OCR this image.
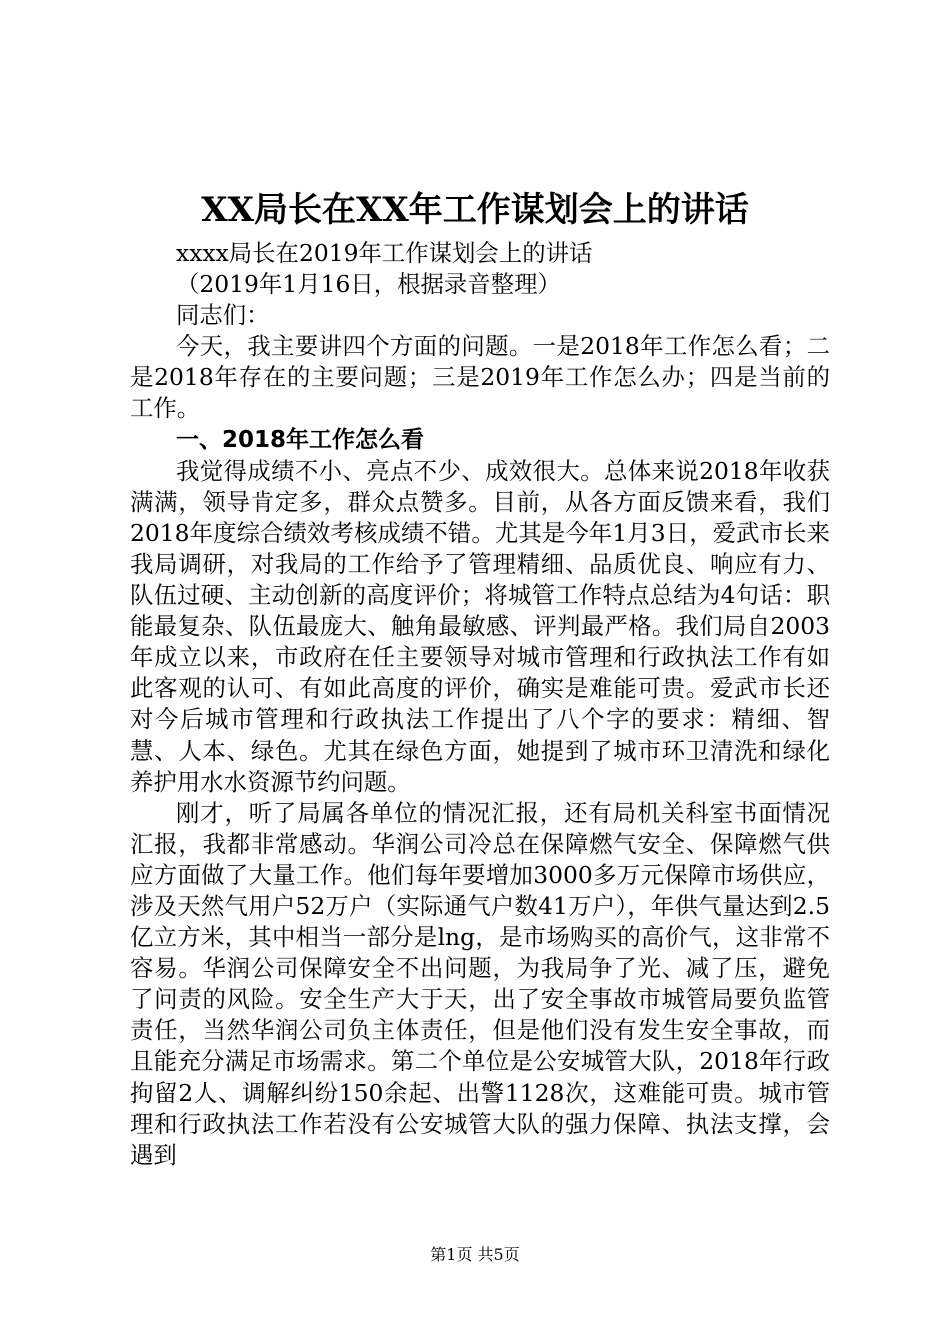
XX局长在XX年工作谋划会上的讲话

xxxx局长在2019年工作谋划会上的讲话

（2019年1月16日，根据录音整理）

同志们：

今天，我主要讲四个方面的问题。一是2018年工作怎么看；二是2018年存在的主要问题；三是2019年工作怎么办；四是当前的工作。

一、2018年工作怎么看

我觉得成绩不小、亮点不少、成效很大。总体来说2018年收获满满，领导肯定多，群众点赞多。目前，从各方面反馈来看，我们2018年度综合绩效考核成绩不错。尤其是今年1月3日，爱武市长来我局调研，对我局的工作给予了管理精细、品质优良、响应有力、队伍过硬、主动创新的高度评价；将城管工作特点总结为4句话：职能最复杂、队伍最庞大、触角最敏感、评判最严格。我们局自2003年成立以来，市政府在任主要领导对城市管理和行政执法工作有如此客观的认可、有如此高度的评价，确实是难能可贵。爱武市长还对今后城市管理和行政执法工作提出了八个字的要求：精细、智慧、人本、绿色。尤其在绿色方面，她提到了城市环卫清洗和绿化养护用水水资源节约问题。

刚才，听了局属各单位的情况汇报，还有局机关科室书面情况汇报，我都非常感动。华润公司冷总在保障燃气安全、保障燃气供应方面做了大量工作。他们每年要增加3000多万元保障市场供应，涉及天然气用户52万户（实际通气户数41万户），年供气量达到2.5亿立方米，其中相当一部分是lng，是市场购买的高价气，这非常不容易。华润公司保障安全不出问题，为我局争了光、减了压，避免了问责的风险。安全生产大于天，出了安全事故市城管局要负监管责任，当然华润公司负主体责任，但是他们没有发生安全事故，而且能充分满足市场需求。第二个单位是公安城管大队，2018年行政拘留2人、调解纠纷150余起、出警1128次，这难能可贵。城市管理和行政执法工作若没有公安城管大队的强力保障、执法支撑，会遇到

第1页 共5页
